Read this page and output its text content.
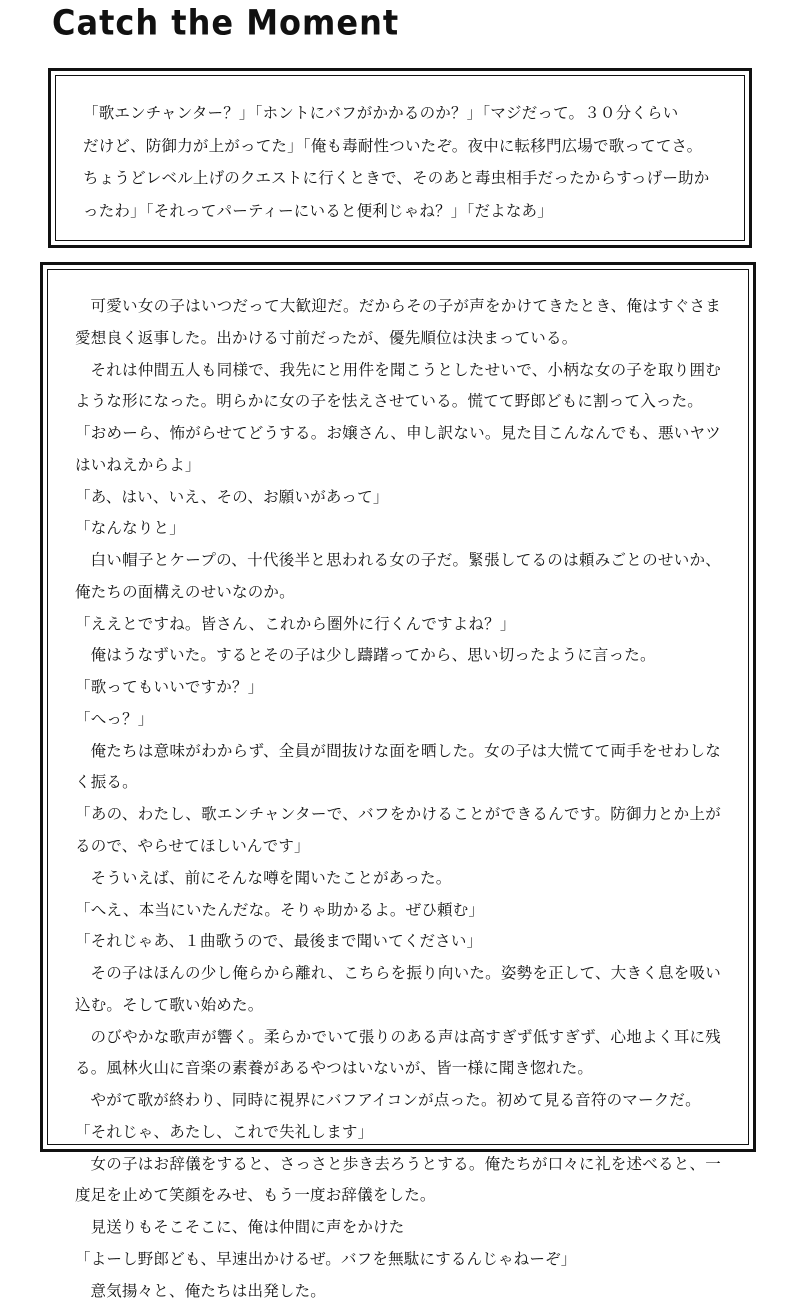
Catch the Moment

「歌エンチャンター？」「ホントにバフがかかるのか？」「マジだって。３０分くらい

だけど、防御力が上がってた」「俺も毒耐性ついたぞ。夜中に転移門広場で歌っててさ。

ちょうどレベル上げのクエストに行くときで、そのあと毒虫相手だったからすっげー助か

ったわ」「それってパーティーにいると便利じゃね？」「だよなあ」

可愛い女の子はいつだって大歓迎だ。だからその子が声をかけてきたとき、俺はすぐさま愛想良く返事した。出かける寸前だったが、優先順位は決まっている。

それは仲間五人も同様で、我先にと用件を聞こうとしたせいで、小柄な女の子を取り囲むような形になった。明らかに女の子を怯えさせている。慌てて野郎どもに割って入った。

「おめーら、怖がらせてどうする。お嬢さん、申し訳ない。見た目こんなんでも、悪いヤツはいねえからよ」

「あ、はい、いえ、その、お願いがあって」

「なんなりと」

白い帽子とケープの、十代後半と思われる女の子だ。緊張してるのは頼みごとのせいか、俺たちの面構えのせいなのか。

「ええとですね。皆さん、これから圏外に行くんですよね？」

俺はうなずいた。するとその子は少し躊躇ってから、思い切ったように言った。

「歌ってもいいですか？」

「へっ？」

俺たちは意味がわからず、全員が間抜けな面を晒した。女の子は大慌てて両手をせわしなく振る。

「あの、わたし、歌エンチャンターで、バフをかけることができるんです。防御力とか上がるので、やらせてほしいんです」

そういえば、前にそんな噂を聞いたことがあった。

「へえ、本当にいたんだな。そりゃ助かるよ。ぜひ頼む」

「それじゃあ、１曲歌うので、最後まで聞いてください」

その子はほんの少し俺らから離れ、こちらを振り向いた。姿勢を正して、大きく息を吸い込む。そして歌い始めた。

のびやかな歌声が響く。柔らかでいて張りのある声は高すぎず低すぎず、心地よく耳に残る。風林火山に音楽の素養があるやつはいないが、皆一様に聞き惚れた。

やがて歌が終わり、同時に視界にバフアイコンが点った。初めて見る音符のマークだ。

「それじゃ、あたし、これで失礼します」

女の子はお辞儀をすると、さっさと歩き去ろうとする。俺たちが口々に礼を述べると、一度足を止めて笑顔をみせ、もう一度お辞儀をした。

見送りもそこそこに、俺は仲間に声をかけた

「よーし野郎ども、早速出かけるぜ。バフを無駄にするんじゃねーぞ」

意気揚々と、俺たちは出発した。
